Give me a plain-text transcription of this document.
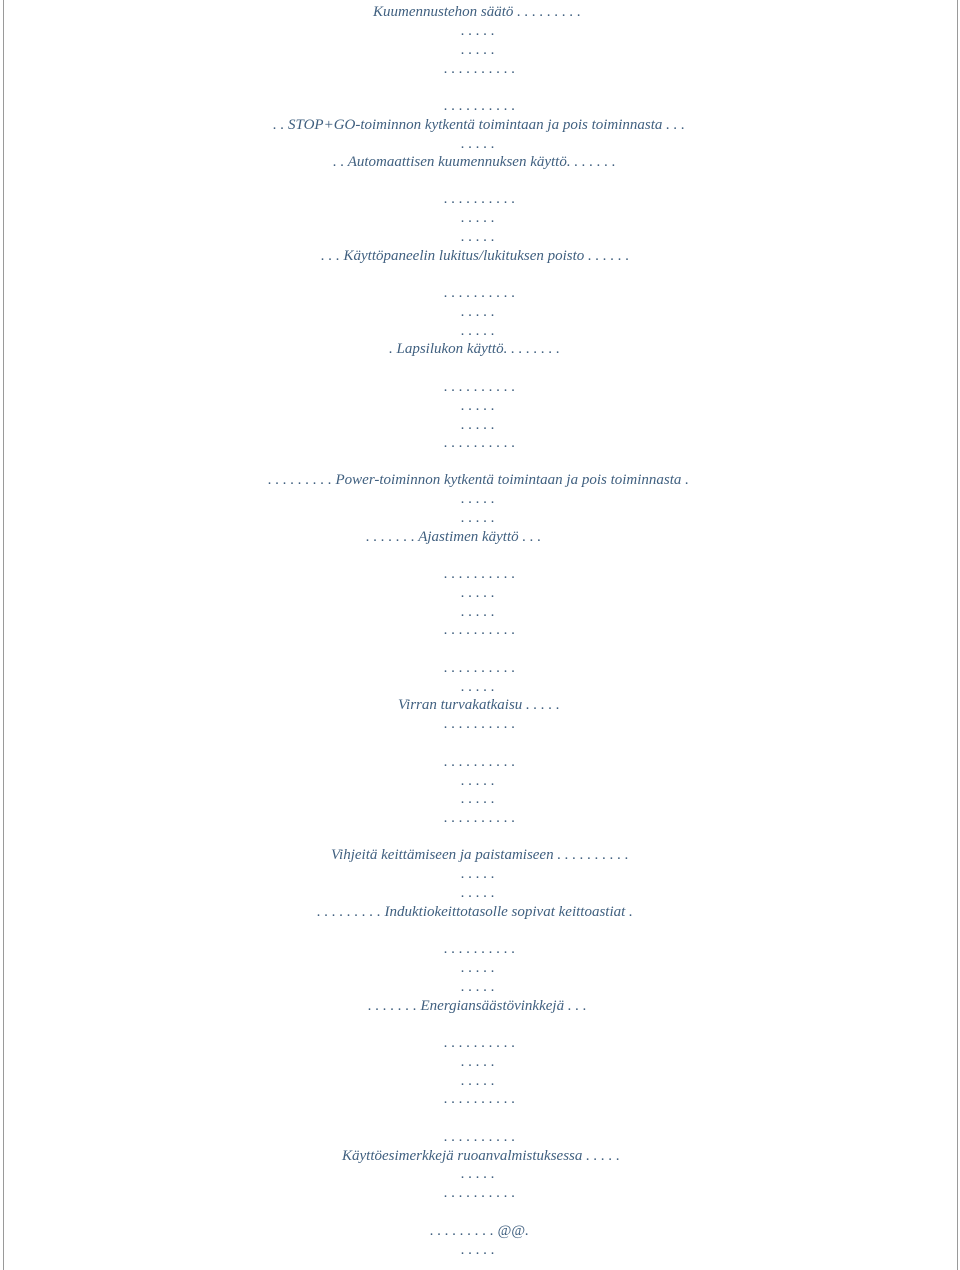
Kuumennustehon säätö . . . . . . . . .
. . . . .
. . . . .
. . . . . . . . . .
. . . . . . . . . .
. . STOP+GO-toiminnon kytkentä toimintaan ja pois toiminnasta . . .
. . . . .
. . Automaattisen kuumennuksen käyttö. . . . . . .
. . . . . . . . . .
. . . . .
. . . . .
. . . Käyttöpaneelin lukitus/lukituksen poisto . . . . . .
. . . . . . . . . .
. . . . .
. . . . .
. Lapsilukon käyttö. . . . . . . .
. . . . . . . . . .
. . . . .
. . . . .
. . . . . . . . . .
. . . . . . . . . Power-toiminnon kytkentä toimintaan ja pois toiminnasta .
. . . . .
. . . . .
. . . . . . . Ajastimen käyttö . . .
. . . . . . . . . .
. . . . .
. . . . .
. . . . . . . . . .
. . . . . . . . . .
. . . . .
Virran turvakatkaisu . . . . .
. . . . . . . . . .
. . . . . . . . . .
. . . . .
. . . . .
. . . . . . . . . .
Vihjeitä keittämiseen ja paistamiseen . . . . . . . . . .
. . . . .
. . . . .
. . . . . . . . . Induktiokeittotasolle sopivat keittoastiat .
. . . . . . . . . .
. . . . .
. . . . .
. . . . . . . Energiansäästövinkkejä . . .
. . . . . . . . . .
. . . . .
. . . . .
. . . . . . . . . .
. . . . . . . . . .
Käyttöesimerkkejä ruoanvalmistuksessa . . . . .
. . . . .
. . . . . . . . . .
. . . . . . . . . @@.
. . . . .
